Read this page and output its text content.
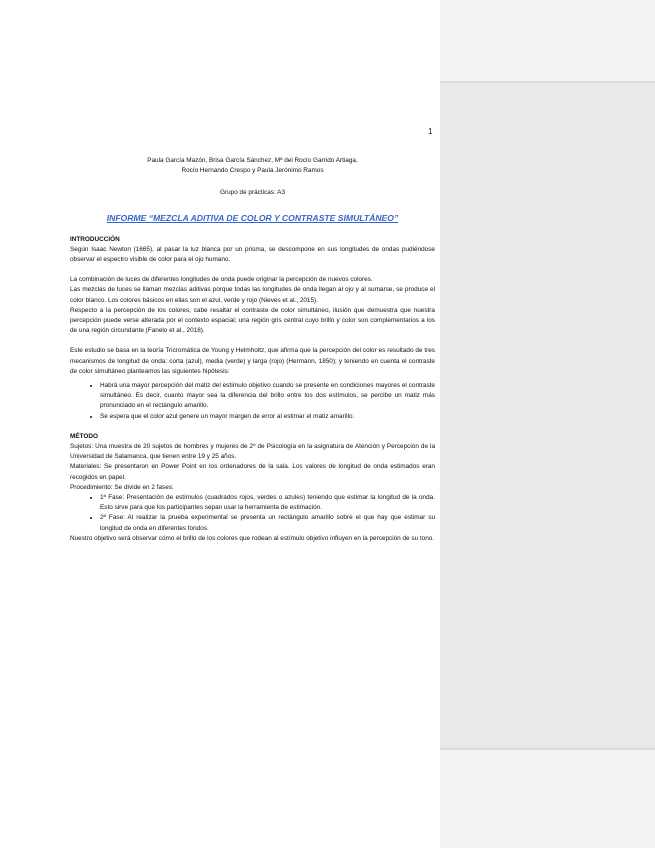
1

Paula García Mazón, Brisa García Sánchez, Mª del Rocío Garrido Artiaga,

Rocío Hernando Crespo y Paula Jerónimo Ramos

Grupo de prácticas: A3

INFORME “MEZCLA ADITIVA DE COLOR Y CONTRASTE SIMULTÁNEO”

INTRODUCCIÓN

Según Isaac Newton (1665), al pasar la luz blanca por un prisma, se descompone en sus longitudes de ondas pudiéndose observar el espectro visible de color para el ojo humano.

La combinación de luces de diferentes longitudes de onda puede originar la percepción de nuevos colores.

Las mezclas de luces se llaman mezclas aditivas porque todas las longitudes de onda llegan al ojo y al sumarse, se produce el color blanco. Los colores básicos en ellas son el azul, verde y rojo (Nieves et al., 2015).

Respecto a la percepción de los colores, cabe resaltar el contraste de color simultáneo, ilusión que demuestra que nuestra percepción puede verse alterada por el contexto espacial; una región gris central cuyo brillo y color son complementarios a los de una región circundante (Fanelo et al., 2018).

Este estudio se basa en la teoría Tricromática de Young y Helmholtz, que afirma que la percepción del color es resultado de tres mecanismos de longitud de onda: corta (azul), media (verde) y larga (rojo) (Hermann, 1850); y teniendo en cuenta el contraste de color simultáneo planteamos las siguientes hipótesis:

• Habrá una mayor percepción del matiz del estímulo objetivo cuando se presente en condiciones mayores el contraste simultáneo. Es decir, cuanto mayor sea la diferencia del brillo entre los dos estímulos, se percibe un matiz más pronunciado en el rectángulo amarillo.
• Se espera que el color azul genere un mayor margen de error al estimar el matiz amarillo.

MÉTODO

Sujetos: Una muestra de 20 sujetos de hombres y mujeres de 2º de Psicología en la asignatura de Atención y Percepción de la Universidad de Salamanca, que tienen entre 19 y 25 años.

Materiales: Se presentaron en Power Point en los ordenadores de la sala. Los valores de longitud de onda estimados eran recogidos en papel.

Procedimiento: Se divide en 2 fases:

• 1ª Fase: Presentación de estímulos (cuadrados rojos, verdes o azules) teniendo que estimar la longitud de la onda. Esto sirve para que los participantes sepan usar la herramienta de estimación.
• 2ª Fase: Al realizar la prueba experimental se presenta un rectángulo amarillo sobre el que hay que estimar su longitud de onda en diferentes fondos.

Nuestro objetivo será observar cómo el brillo de los colores que rodean al estímulo objetivo influyen en la percepción de su tono.
